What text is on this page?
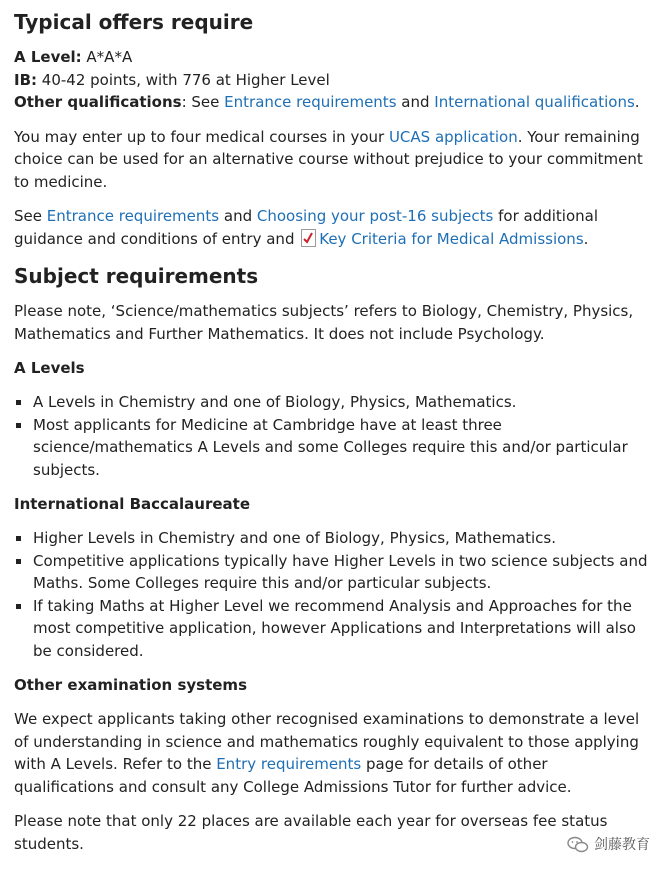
Typical offers require
A Level: A*A*A
IB: 40-42 points, with 776 at Higher Level
Other qualifications: See Entrance requirements and International qualifications.

You may enter up to four medical courses in your UCAS application. Your remaining choice can be used for an alternative course without prejudice to your commitment to medicine.

See Entrance requirements and Choosing your post-16 subjects for additional guidance and conditions of entry and
Key Criteria for Medical Admissions.

Subject requirements

Please note, ‘Science/mathematics subjects’ refers to Biology, Chemistry, Physics, Mathematics and Further Mathematics. It does not include Psychology.

A Levels
A Levels in Chemistry and one of Biology, Physics, Mathematics.
Most applicants for Medicine at Cambridge have at least three science/mathematics A Levels and some Colleges require this and/or particular subjects.
International Baccalaureate
Higher Levels in Chemistry and one of Biology, Physics, Mathematics.
Competitive applications typically have Higher Levels in two science subjects and Maths. Some Colleges require this and/or particular subjects.
If taking Maths at Higher Level we recommend Analysis and Approaches for the most competitive application, however Applications and Interpretations will also be considered.
Other examination systems

We expect applicants taking other recognised examinations to demonstrate a level of understanding in science and mathematics roughly equivalent to those applying with A Levels. Refer to the Entry requirements page for details of other qualifications and consult any College Admissions Tutor for further advice.

Please note that only 22 places are available each year for overseas fee status students.	剑藤教育
